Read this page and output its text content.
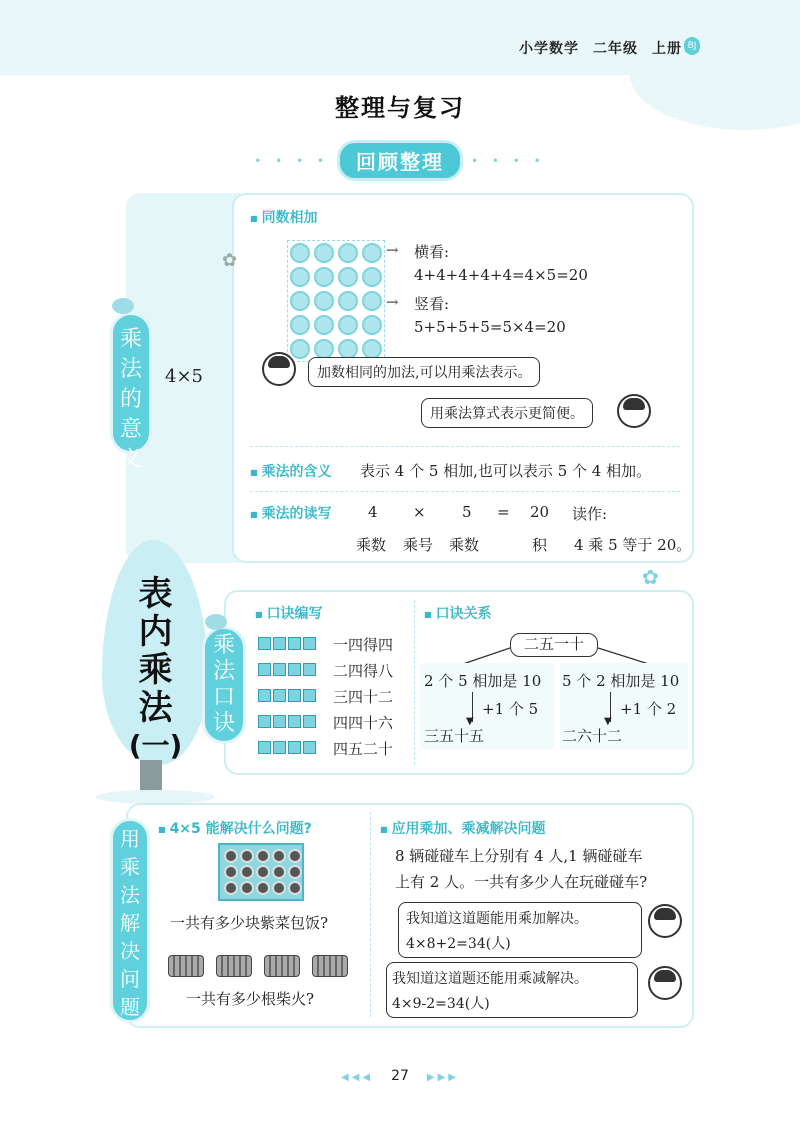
小学数学 二年级 上册 BJ
整理与复习
• • • • 回顾整理 • • • •
乘
法
的
意
义
4×5
■ 同数相加
✿	→ 横看:
4+4+4+4+4=4×5=20
→ 竖看:
5+5+5+5=5×4=20
加数相同的加法,可以用乘法表示。
用乘法算式表示更简便。
■ 乘法的含义 表示 4 个 5 相加,也可以表示 5 个 4 相加。
■ 乘法的读写 4 × 5 = 20 读作:
乘数 乘号 乘数	积 4 乘 5 等于 20。
✿
表
内
乘
法
(一)
乘
法
口
诀
■ 口诀编写
一四得四
二四得八
三四十二
四四十六
四五二十
■ 口诀关系
二五一十
2 个 5 相加是 10
+1 个 5
▼
三五十五
5 个 2 相加是 10
+1 个 2
▼
二六十二
用
乘
法
解
决
问
题
■ 4×5 能解决什么问题?
一共有多少块紫菜包饭?
一共有多少根柴火?
■ 应用乘加、乘减解决问题
8 辆碰碰车上分别有 4 人,1 辆碰碰车
上有 2 人。一共有多少人在玩碰碰车?
我知道这道题能用乘加解决。
4×8+2=34(人)
我知道这道题还能用乘减解决。
4×9-2=34(人)
◀◀◀ 27 ▶▶▶
